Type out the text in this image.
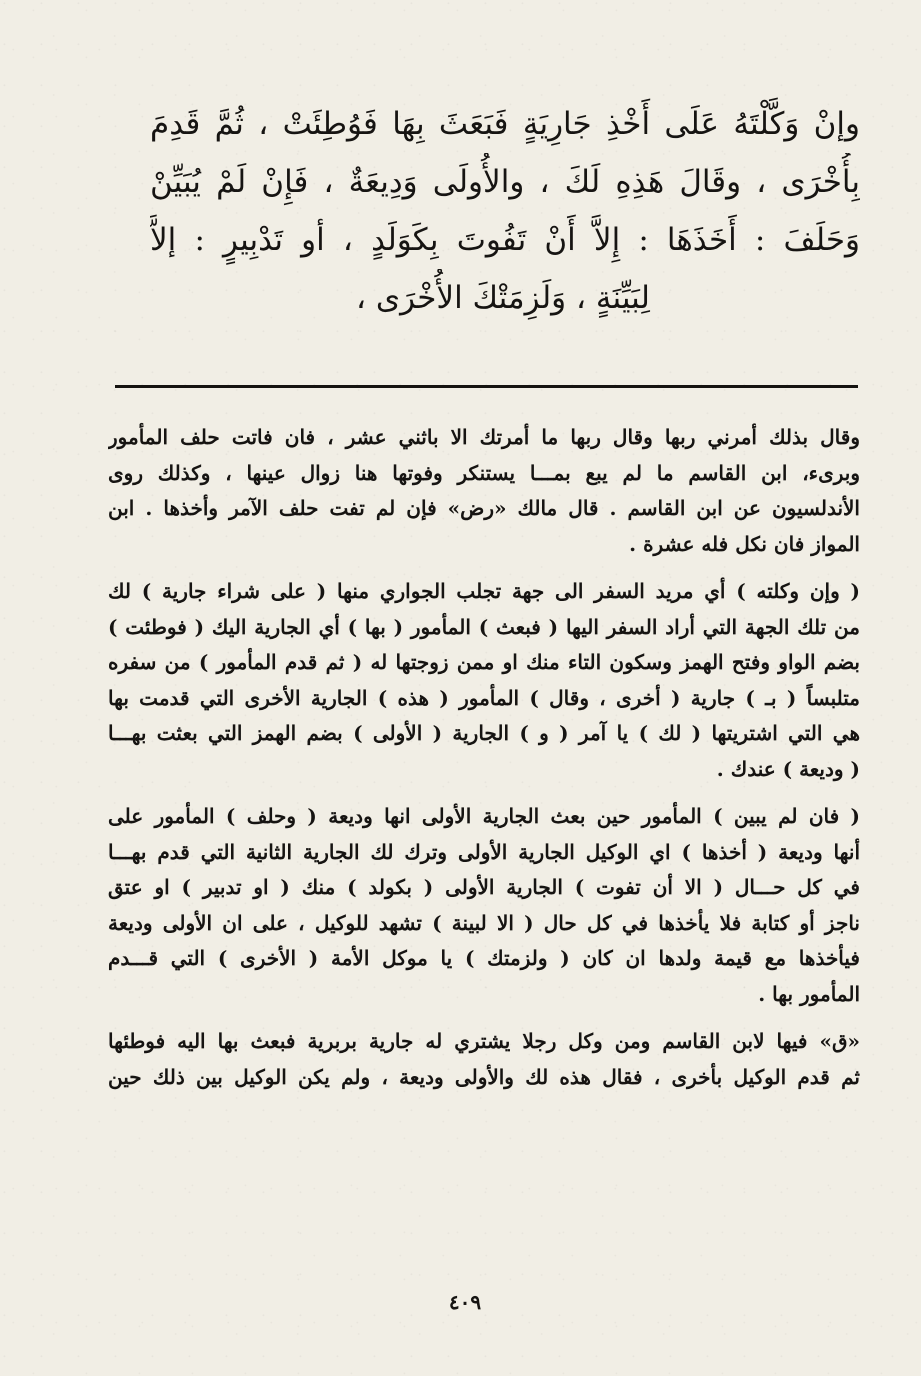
وإنْ وَكَّلْتَهُ عَلَى أَخْذِ جَارِيَةٍ فَبَعَثَ بِهَا فَوُطِئَتْ ، ثُمَّ قَدِمَ
بِأُخْرَى ، وقَالَ هَذِهِ لَكَ ، والأُولَى وَدِيعَةٌ ، فَإِنْ لَمْ يُبَيِّنْ
وَحَلَفَ : أَخَذَهَا : إِلاَّ أَنْ تَفُوتَ بِكَوَلَدٍ ، أو تَدْبِيرٍ : إلاَّ
لِبَيِّنَةٍ ، وَلَزِمَتْكَ الأُخْرَى ،
وقال بذلك أمرني ربها وقال ربها ما أمرتك الا باثني عشر ، فان فاتت حلف المأمور
وبرىء، ابن القاسم ما لم يبع بمـــا يستنكر وفوتها هنا زوال عينها ، وكذلك روى
الأندلسيون عن ابن القاسم . قال مالك «رض» فإن لم تفت حلف الآمر وأخذها . ابن
المواز فان نكل فله عشرة .
( وإن وكلته ) أي مريد السفر الى جهة تجلب الجواري منها ( على شراء جارية ) لك
من تلك الجهة التي أراد السفر اليها ( فبعث ) المأمور ( بها ) أي الجارية اليك ( فوطئت )
بضم الواو وفتح الهمز وسكون التاء منك او ممن زوجتها له ( ثم قدم المأمور ) من سفره
متلبساً ( بـ ) جارية ( أخرى ، وقال ) المأمور ( هذه ) الجارية الأخرى التي قدمت بها
هي التي اشتريتها ( لك ) يا آمر ( و ) الجارية ( الأولى ) بضم الهمز التي بعثت بهـــا
( وديعة ) عندك .
( فان لم يبين ) المأمور حين بعث الجارية الأولى انها وديعة ( وحلف ) المأمور على
أنها وديعة ( أخذها ) اي الوكيل الجارية الأولى وترك لك الجارية الثانية التي قدم بهـــا
في كل حـــال ( الا أن تفوت ) الجارية الأولى ( بكولد ) منك ( او تدبير ) او عتق
ناجز أو كتابة فلا يأخذها في كل حال ( الا لبينة ) تشهد للوكيل ، على ان الأولى وديعة
فيأخذها مع قيمة ولدها ان كان ( ولزمتك ) يا موكل الأمة ( الأخرى ) التي قـــدم
المأمور بها .
«ق» فيها لابن القاسم ومن وكل رجلا يشتري له جارية بربرية فبعث بها اليه فوطئها
ثم قدم الوكيل بأخرى ، فقال هذه لك والأولى وديعة ، ولم يكن الوكيل بين ذلك حين
٤٠٩
